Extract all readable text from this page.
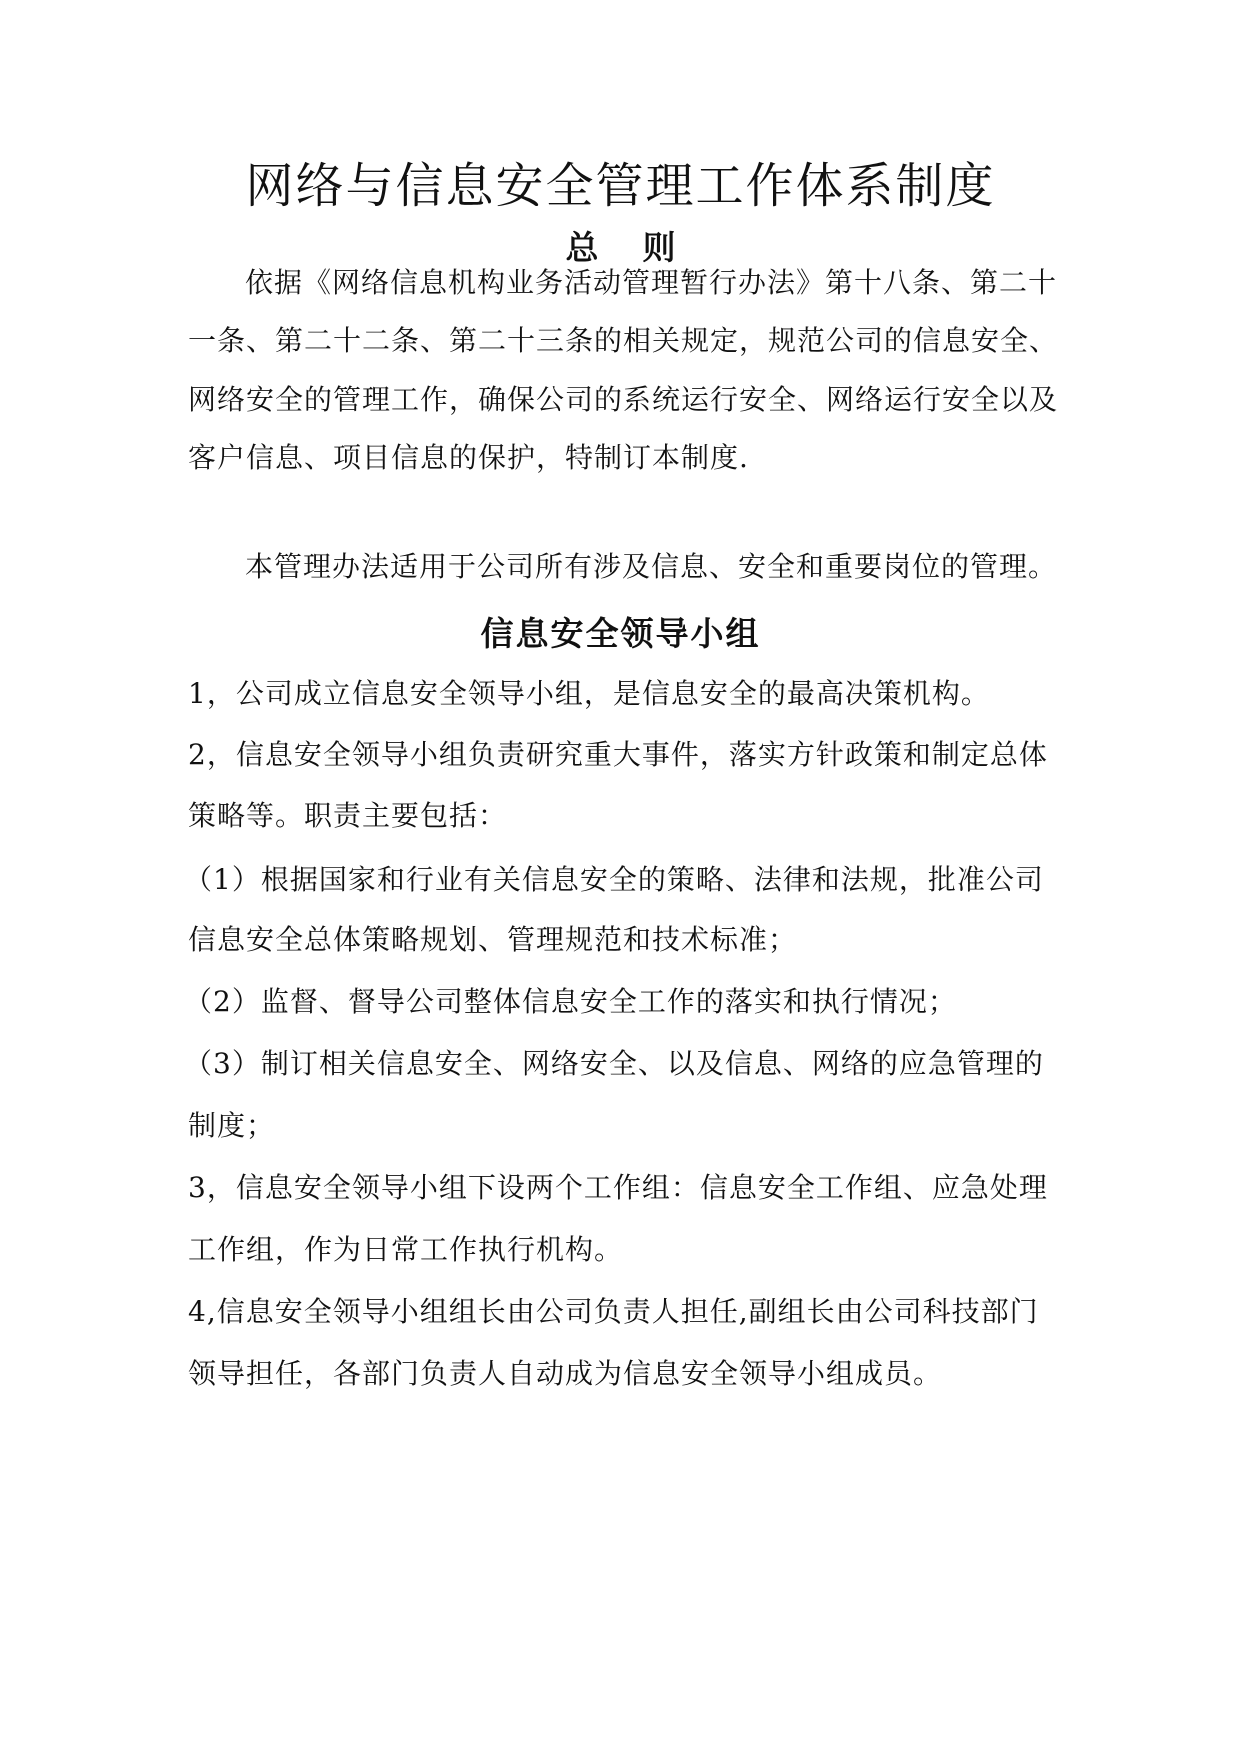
网络与信息安全管理工作体系制度
总 则
依据《网络信息机构业务活动管理暂行办法》第十八条、第二十
一条、第二十二条、第二十三条的相关规定，规范公司的信息安全、
网络安全的管理工作，确保公司的系统运行安全、网络运行安全以及
客户信息、项目信息的保护，特制订本制度.
本管理办法适用于公司所有涉及信息、安全和重要岗位的管理。
信息安全领导小组
1，公司成立信息安全领导小组，是信息安全的最高决策机构。
2，信息安全领导小组负责研究重大事件，落实方针政策和制定总体
策略等。职责主要包括：
（1）根据国家和行业有关信息安全的策略、法律和法规，批准公司
信息安全总体策略规划、管理规范和技术标准；
（2）监督、督导公司整体信息安全工作的落实和执行情况；
（3）制订相关信息安全、网络安全、以及信息、网络的应急管理的
制度；
3，信息安全领导小组下设两个工作组：信息安全工作组、应急处理
工作组，作为日常工作执行机构。
4,信息安全领导小组组长由公司负责人担任,副组长由公司科技部门
领导担任，各部门负责人自动成为信息安全领导小组成员。
